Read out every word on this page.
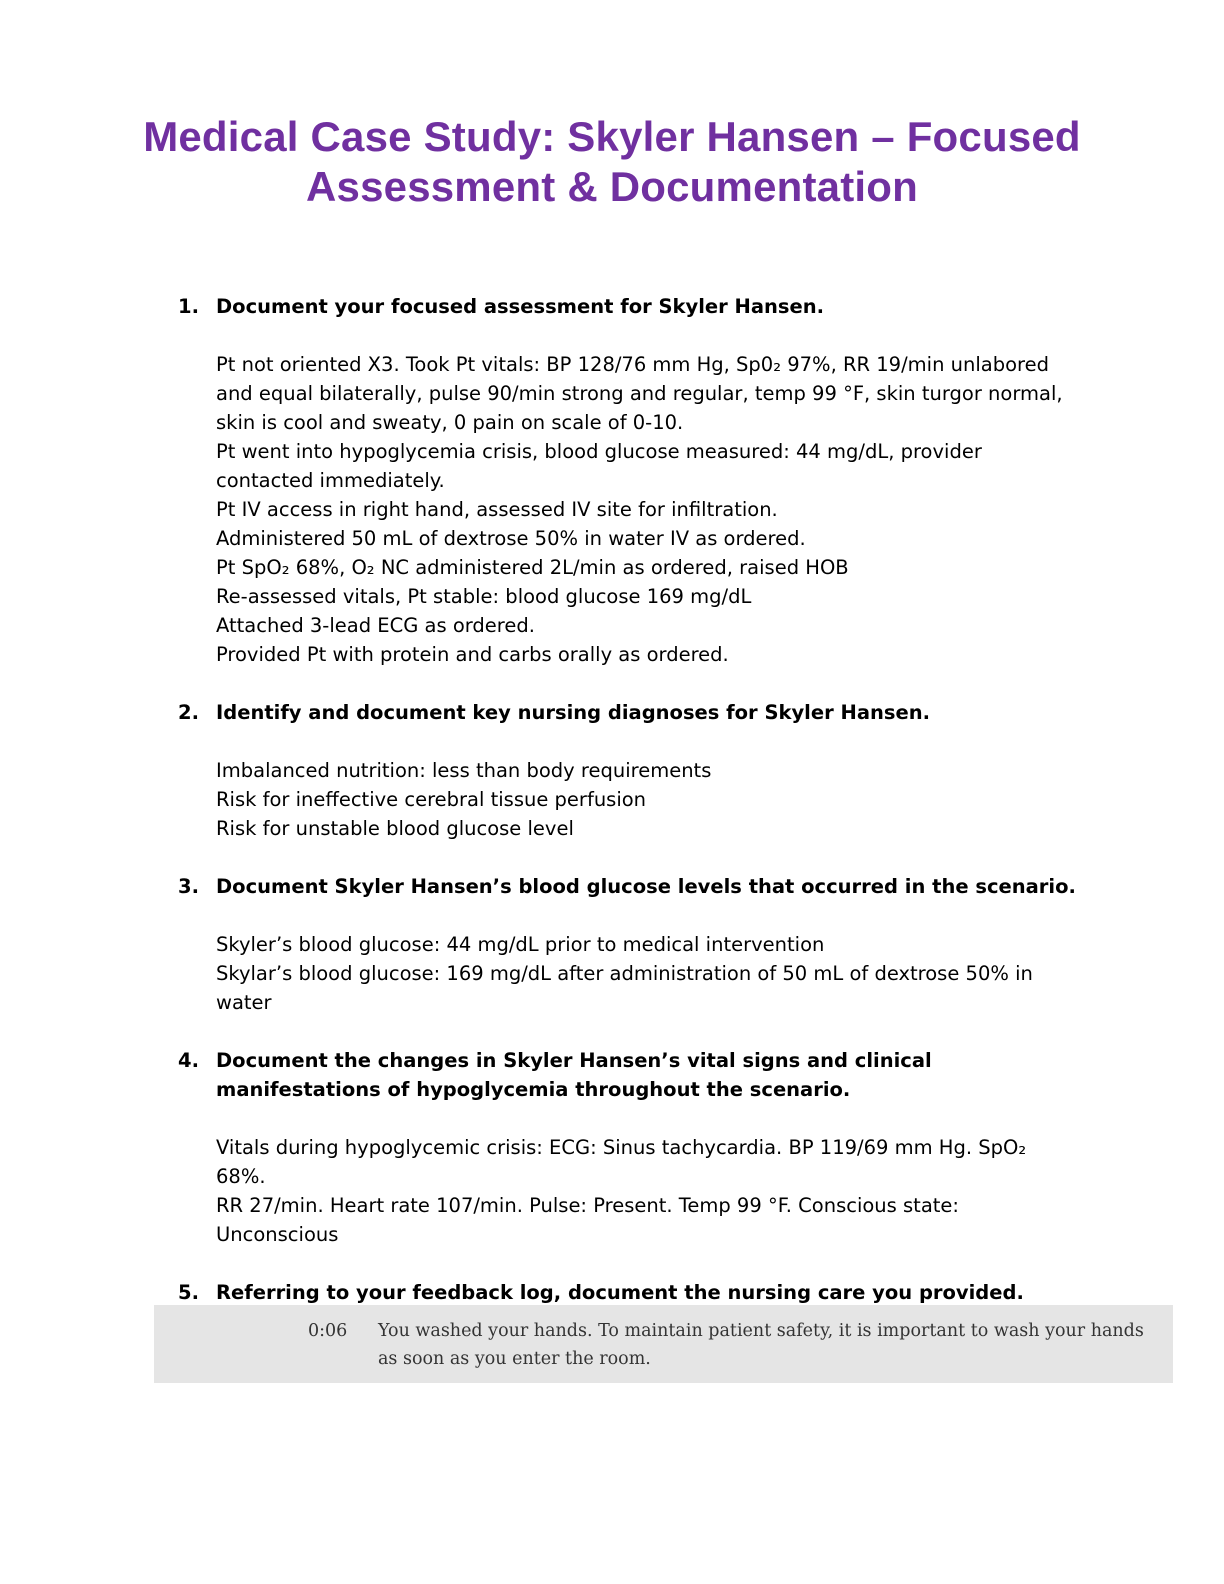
Medical Case Study: Skyler Hansen – Focused
Assessment & Documentation
1. Document your focused assessment for Skyler Hansen.
Pt not oriented X3. Took Pt vitals: BP 128/76 mm Hg, Sp0₂ 97%, RR 19/min unlabored
and equal bilaterally, pulse 90/min strong and regular, temp 99 °F, skin turgor normal,
skin is cool and sweaty, 0 pain on scale of 0-10.
Pt went into hypoglycemia crisis, blood glucose measured: 44 mg/dL, provider
contacted immediately.
Pt IV access in right hand, assessed IV site for infiltration.
Administered 50 mL of dextrose 50% in water IV as ordered.
Pt SpO₂ 68%, O₂ NC administered 2L/min as ordered, raised HOB
Re-assessed vitals, Pt stable: blood glucose 169 mg/dL
Attached 3-lead ECG as ordered.
Provided Pt with protein and carbs orally as ordered.
2. Identify and document key nursing diagnoses for Skyler Hansen.
Imbalanced nutrition: less than body requirements
Risk for ineffective cerebral tissue perfusion
Risk for unstable blood glucose level
3. Document Skyler Hansen’s blood glucose levels that occurred in the scenario.
Skyler’s blood glucose: 44 mg/dL prior to medical intervention
Skylar’s blood glucose: 169 mg/dL after administration of 50 mL of dextrose 50% in
water
4. Document the changes in Skyler Hansen’s vital signs and clinical manifestations of hypoglycemia throughout the scenario.
Vitals during hypoglycemic crisis: ECG: Sinus tachycardia. BP 119/69 mm Hg. SpO₂ 68%.
RR 27/min. Heart rate 107/min. Pulse: Present. Temp 99 °F. Conscious state:
Unconscious
5. Referring to your feedback log, document the nursing care you provided.
0:06 You washed your hands. To maintain patient safety, it is important to wash your hands as soon as you enter the room.
